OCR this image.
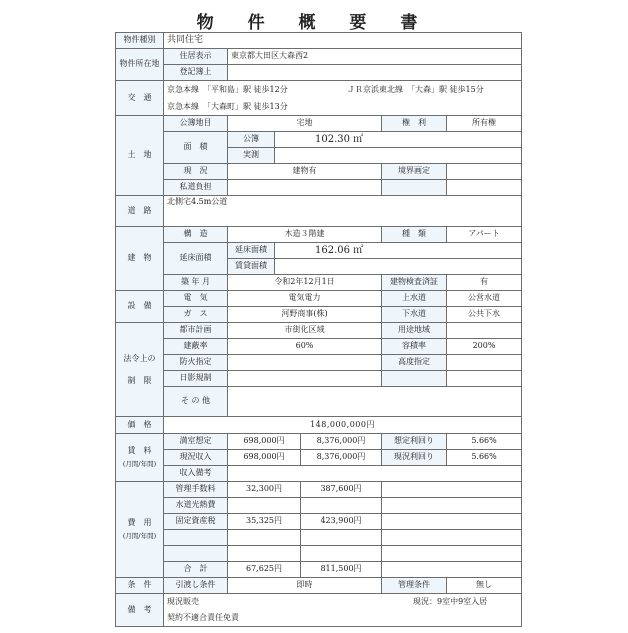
物 件 概 要 書
物件種別	共同住宅					
物件所在地	住居表示	東京都大田区大森西2				
	登記簿上					
交　通	京急本線　「平和島」駅 徒歩12分 ＪＲ京浜東北線　「大森」駅 徒歩15分
京急本線　「大森町」駅 徒歩13分					

土　地	公簿地目	宅地			権　利	所有権
	面　積	公簿	102.30 ㎡			
		実測				
	現　況	建物有			境界画定	
	私道負担					
道　路	北側宅4.5m公道					
建　物	構　造	木造３階建			種　類	アパート
	延床面積	延床面積	162.06 ㎡			
		賃貸面積				
	築 年 月	令和2年12月1日			建物検査済証	有
設　備	電　気	電気電力			上水道	公営水道
	ガ　ス	河野商事(株)			下水道	公共下水

法令上の
制　限	都市計画	市街化区域			用途地域	
	建蔽率	60%			容積率	200%
	防火指定				高度指定	
	日影規制					
	そ の 他					
価　格	148,000,000円					

賃　料
(月間/年間)	満室想定	698,000円		8,376,000円	想定利回り	5.66%
	現況収入	698,000円		8,376,000円	現況利回り	5.66%
	収入備考					

費　用
(月間/年間)	管理手数料	32,300円		387,600円		
	水道光熱費					
	固定資産税	35,325円		423,900円		

	合　計	67,625円		811,500円		
条　件	引渡し条件	即時			管理条件	無し
備　考	現況販売 現況：9室中9室入居
契約不適合責任免責					
